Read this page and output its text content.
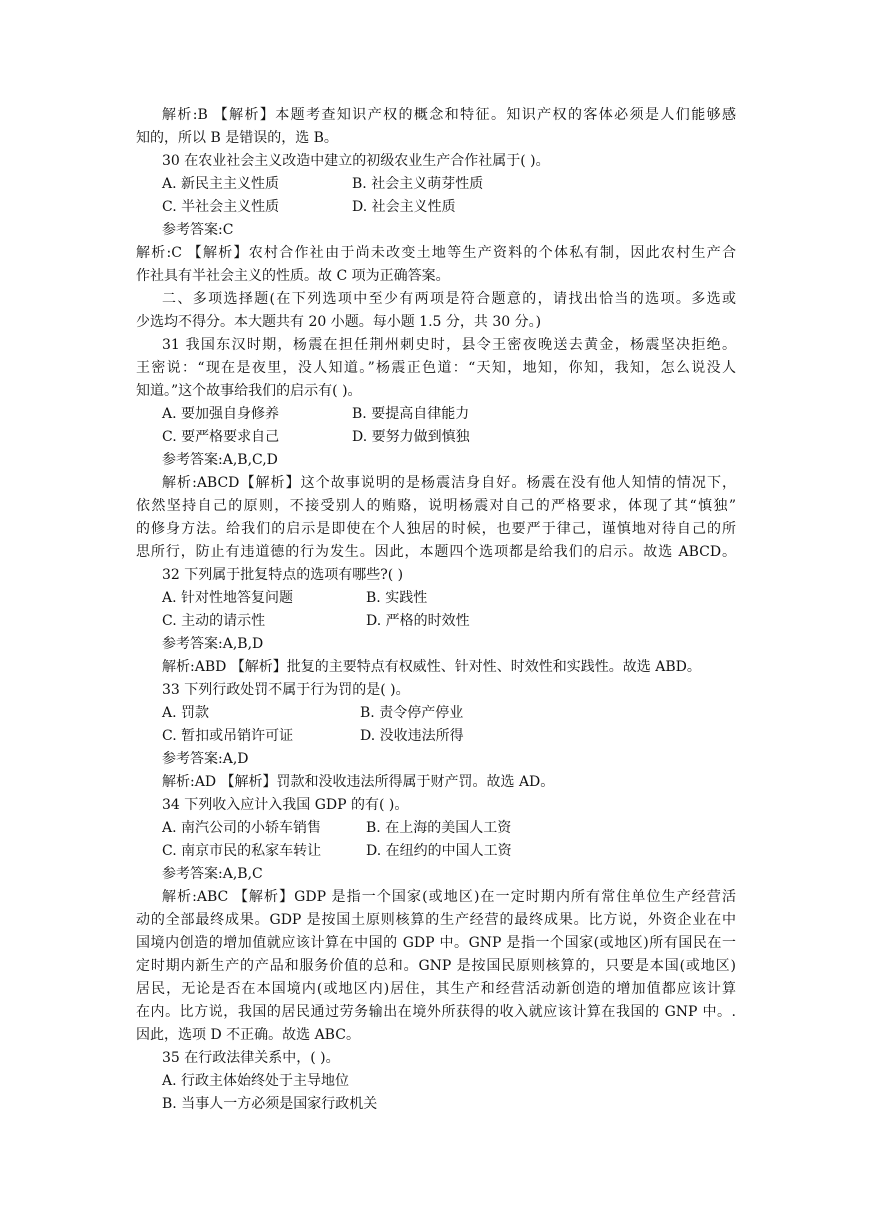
解析:B 【解析】本题考查知识产权的概念和特征。知识产权的客体必须是人们能够感
知的，所以 B 是错误的，选 B。
30 在农业社会主义改造中建立的初级农业生产合作社属于( )。
A. 新民主主义性质	B. 社会主义萌芽性质
C. 半社会主义性质	D. 社会主义性质
参考答案:C
解析:C 【解析】农村合作社由于尚未改变土地等生产资料的个体私有制，因此农村生产合
作社具有半社会主义的性质。故 C 项为正确答案。
二、多项选择题(在下列选项中至少有两项是符合题意的，请找出恰当的选项。多选或
少选均不得分。本大题共有 20 小题。每小题 1.5 分，共 30 分。)
31 我国东汉时期，杨震在担任荆州刺史时，县令王密夜晚送去黄金，杨震坚决拒绝。
王密说：“现在是夜里，没人知道。”杨震正色道：“天知，地知，你知，我知，怎么说没人
知道。”这个故事给我们的启示有( )。
A. 要加强自身修养	B. 要提高自律能力
C. 要严格要求自己	D. 要努力做到慎独
参考答案:A,B,C,D
解析:ABCD【解析】这个故事说明的是杨震洁身自好。杨震在没有他人知情的情况下，
依然坚持自己的原则，不接受别人的贿赂，说明杨震对自己的严格要求，体现了其“慎独”
的修身方法。给我们的启示是即使在个人独居的时候，也要严于律己，谨慎地对待自己的所
思所行，防止有违道德的行为发生。因此，本题四个选项都是给我们的启示。故选 ABCD。
32 下列属于批复特点的选项有哪些?( )
A. 针对性地答复问题	B. 实践性
C. 主动的请示性	D. 严格的时效性
参考答案:A,B,D
解析:ABD 【解析】批复的主要特点有权威性、针对性、时效性和实践性。故选 ABD。
33 下列行政处罚不属于行为罚的是( )。
A. 罚款	B. 责令停产停业
C. 暂扣或吊销许可证	D. 没收违法所得
参考答案:A,D
解析:AD 【解析】罚款和没收违法所得属于财产罚。故选 AD。
34 下列收入应计入我国 GDP 的有( )。
A. 南汽公司的小轿车销售	B. 在上海的美国人工资
C. 南京市民的私家车转让	D. 在纽约的中国人工资
参考答案:A,B,C
解析:ABC 【解析】GDP 是指一个国家(或地区)在一定时期内所有常住单位生产经营活
动的全部最终成果。GDP 是按国土原则核算的生产经营的最终成果。比方说，外资企业在中
国境内创造的增加值就应该计算在中国的 GDP 中。GNP 是指一个国家(或地区)所有国民在一
定时期内新生产的产品和服务价值的总和。GNP 是按国民原则核算的，只要是本国(或地区)
居民，无论是否在本国境内(或地区内)居住，其生产和经营活动新创造的增加值都应该计算
在内。比方说，我国的居民通过劳务输出在境外所获得的收入就应该计算在我国的 GNP 中。.
因此，选项 D 不正确。故选 ABC。
35 在行政法律关系中，( )。
A. 行政主体始终处于主导地位
B. 当事人一方必须是国家行政机关
